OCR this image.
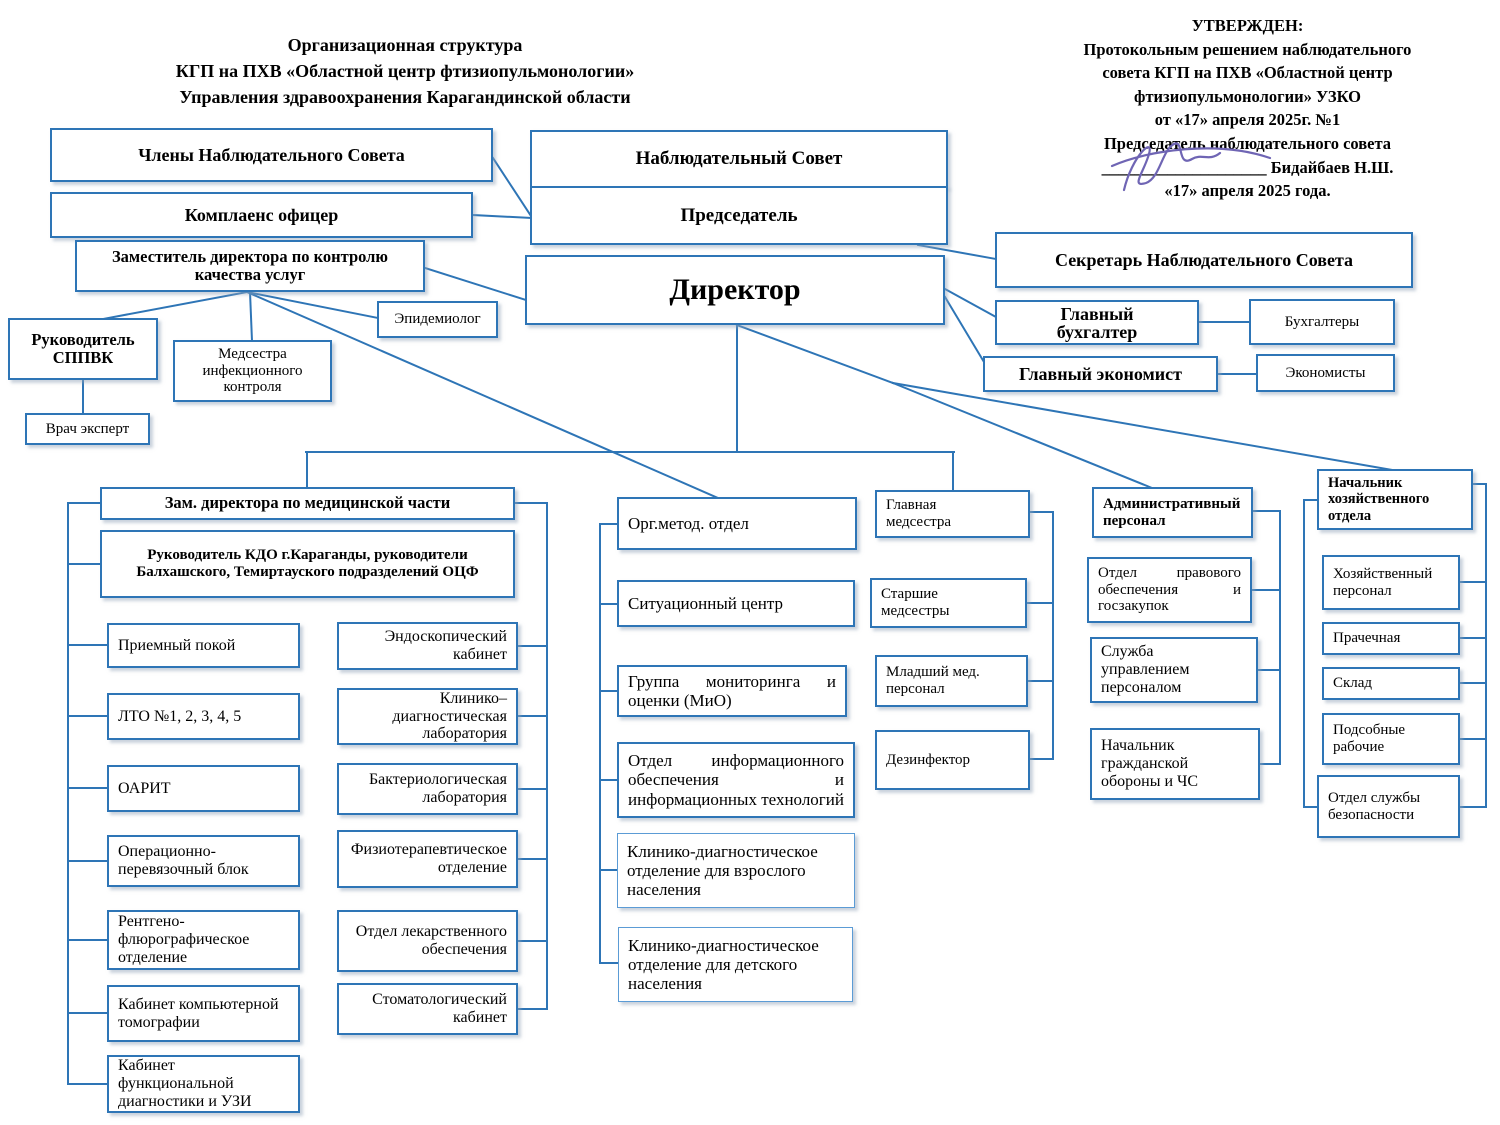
Организационная структура
КГП на ПХВ «Областной центр фтизиопульмонологии»
Управления здравоохранения Карагандинской области
УТВЕРЖДЕН:
Протокольным решением наблюдательного
совета КГП на ПХВ «Областной центр
фтизиопульмонологии» УЗКО
от «17» апреля 2025г. №1
Председатель наблюдательного совета
____________________ Бидайбаев Н.Ш.
«17» апреля 2025 года.
Члены Наблюдательного Совета
Комплаенс офицер
Наблюдательный Совет
Председатель
Директор
Секретарь Наблюдательного Совета
Главный бухгалтер	Бухгалтеры
Главный экономист	Экономисты
Заместитель директора по контролю качества услуг
Руководитель СППВК	Медсестра инфекционного контроля
Эпидемиолог
Врач эксперт
Зам. директора по медицинской части
Руководитель КДО г.Караганды, руководители Балхашского, Темиртауского подразделений ОЦФ
Приемный покой
ЛТО №1, 2, 3, 4, 5
ОАРИТ
Операционно-перевязочный блок
Рентгено-флюрографическое отделение
Кабинет компьютерной томографии
Кабинет функциональной диагностики и УЗИ
Эндоскопический кабинет
Клинико–диагностическая лаборатория
Бактериологическая лаборатория
Физиотерапевтическое отделение
Отдел лекарственного обеспечения
Стоматологический кабинет
Орг.метод. отдел
Ситуационный центр
Группа мониторинга и оценки (МиО)
Отдел информационного обеспечения и информационных технологий
Клинико-диагностическое отделение для взрослого населения
Клинико-диагностическое отделение для детского населения
Главная медсестра
Старшие медсестры
Младший мед. персонал
Дезинфектор
Административный персонал
Отдел правового обеспечения и госзакупок
Служба управлением персоналом
Начальник гражданской обороны и ЧС
Начальник хозяйственного отдела
Хозяйственный персонал
Прачечная
Склад
Подсобные рабочие
Отдел службы безопасности
